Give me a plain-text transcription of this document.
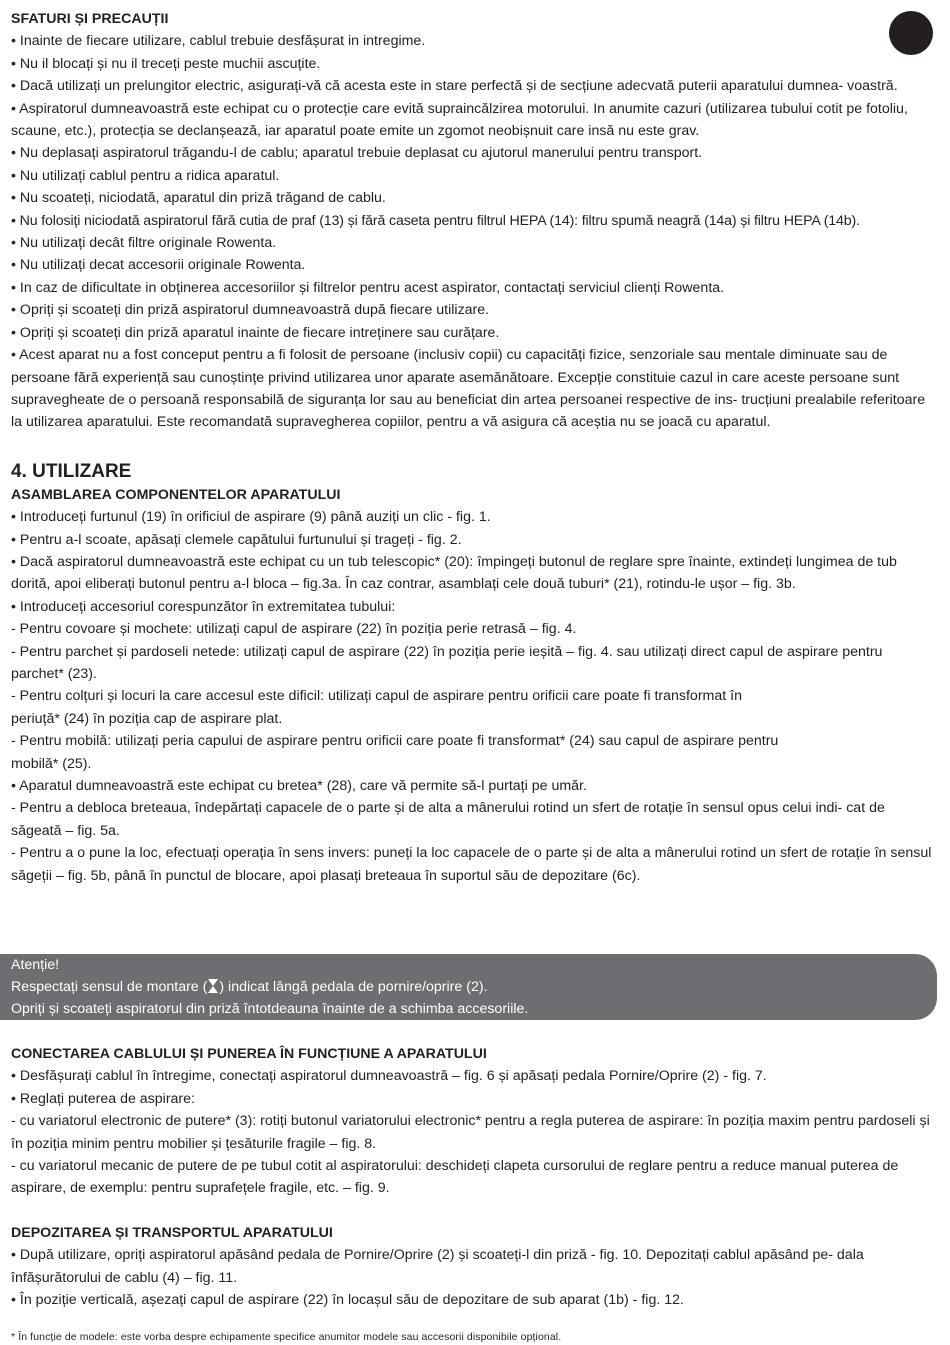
SFATURI ȘI PRECAUȚII
• Inainte de fiecare utilizare, cablul trebuie desfășurat in intregime.
• Nu il blocați și nu il treceți peste muchii ascuțite.
• Dacă utilizați un prelungitor electric, asigurați-vă că acesta este in stare perfectă și de secțiune adecvată puterii aparatului dumnea- voastră.
• Aspiratorul dumneavoastră este echipat cu o protecție care evită supraincălzirea motorului. In anumite cazuri (utilizarea tubului cotit pe fotoliu, scaune, etc.), protecția se declanșează, iar aparatul poate emite un zgomot neobișnuit care insă nu este grav.
• Nu deplasați aspiratorul trăgandu-l de cablu; aparatul trebuie deplasat cu ajutorul manerului pentru transport.
• Nu utilizați cablul pentru a ridica aparatul.
• Nu scoateți, niciodată, aparatul din priză trăgand de cablu.
• Nu folosiți niciodată aspiratorul fără cutia de praf (13) și fără caseta pentru filtrul HEPA (14): filtru spumă neagră (14a) și filtru HEPA (14b).
• Nu utilizați decât filtre originale Rowenta.
• Nu utilizați decat accesorii originale Rowenta.
• In caz de dificultate in obținerea accesoriilor și filtrelor pentru acest aspirator, contactați serviciul clienți Rowenta.
• Opriți și scoateți din priză aspiratorul dumneavoastră după fiecare utilizare.
• Opriți și scoateți din priză aparatul inainte de fiecare intreținere sau curățare.
• Acest aparat nu a fost conceput pentru a fi folosit de persoane (inclusiv copii) cu capacități fizice, senzoriale sau mentale diminuate sau de persoane fără experiență sau cunoștințe privind utilizarea unor aparate asemănătoare. Excepție constituie cazul in care aceste persoane sunt supravegheate de o persoană responsabilă de siguranța lor sau au beneficiat din artea persoanei respective de ins- trucțiuni prealabile referitoare la utilizarea aparatului. Este recomandată supravegherea copiilor, pentru a vă asigura că aceștia nu se joacă cu aparatul.
4. UTILIZARE
ASAMBLAREA COMPONENTELOR APARATULUI
• Introduceți furtunul (19) în orificiul de aspirare (9) până auziți un clic - fig. 1.
• Pentru a-l scoate, apăsați clemele capătului furtunului și trageți - fig. 2.
• Dacă aspiratorul dumneavoastră este echipat cu un tub telescopic* (20): împingeți butonul de reglare spre înainte, extindeți lungimea de tub dorită, apoi eliberați butonul pentru a-l bloca – fig.3a. În caz contrar, asamblați cele două tuburi* (21), rotindu-le ușor – fig. 3b.
• Introduceți accesoriul corespunzător în extremitatea tubului:
- Pentru covoare și mochete: utilizați capul de aspirare (22) în poziția perie retrasă – fig. 4.
- Pentru parchet și pardoseli netede: utilizați capul de aspirare (22) în poziția perie ieșită – fig. 4. sau utilizați direct capul de aspirare pentru parchet* (23).
- Pentru colțuri și locuri la care accesul este dificil: utilizați capul de aspirare pentru orificii care poate fi transformat în
periuță* (24) în poziția cap de aspirare plat.
- Pentru mobilă: utilizați peria capului de aspirare pentru orificii care poate fi transformat* (24) sau capul de aspirare pentru
mobilă* (25).
• Aparatul dumneavoastră este echipat cu bretea* (28), care vă permite să-l purtați pe umăr.
- Pentru a debloca breteaua, îndepărtați capacele de o parte și de alta a mânerului rotind un sfert de rotație în sensul opus celui indi- cat de săgeată – fig. 5a.
- Pentru a o pune la loc, efectuați operația în sens invers: puneți la loc capacele de o parte și de alta a mânerului rotind un sfert de rotație în sensul săgeții – fig. 5b, până în punctul de blocare, apoi plasați breteaua în suportul său de depozitare (6c).
Atenție!
Respectați sensul de montare ( ) indicat lângă pedala de pornire/oprire (2).
Opriți și scoateți aspiratorul din priză întotdeauna înainte de a schimba accesoriile.
CONECTAREA CABLULUI ȘI PUNEREA ÎN FUNCȚIUNE A APARATULUI
• Desfășurați cablul în întregime, conectați aspiratorul dumneavoastră – fig. 6 și apăsați pedala Pornire/Oprire (2) - fig. 7.
• Reglați puterea de aspirare:
- cu variatorul electronic de putere* (3): rotiți butonul variatorului electronic* pentru a regla puterea de aspirare: în poziția maxim pentru pardoseli și în poziția minim pentru mobilier și țesăturile fragile – fig. 8.
- cu variatorul mecanic de putere de pe tubul cotit al aspiratorului: deschideți clapeta cursorului de reglare pentru a reduce manual puterea de aspirare, de exemplu: pentru suprafețele fragile, etc. – fig. 9.
DEPOZITAREA ȘI TRANSPORTUL APARATULUI
• După utilizare, opriți aspiratorul apăsând pedala de Pornire/Oprire (2) și scoateți-l din priză - fig. 10. Depozitați cablul apăsând pe- dala înfășurătorului de cablu (4) – fig. 11.
• În poziție verticală, așezați capul de aspirare (22) în locașul său de depozitare de sub aparat (1b) - fig. 12.
* În funcție de modele: este vorba despre echipamente specifice anumitor modele sau accesorii disponibile opțional.
